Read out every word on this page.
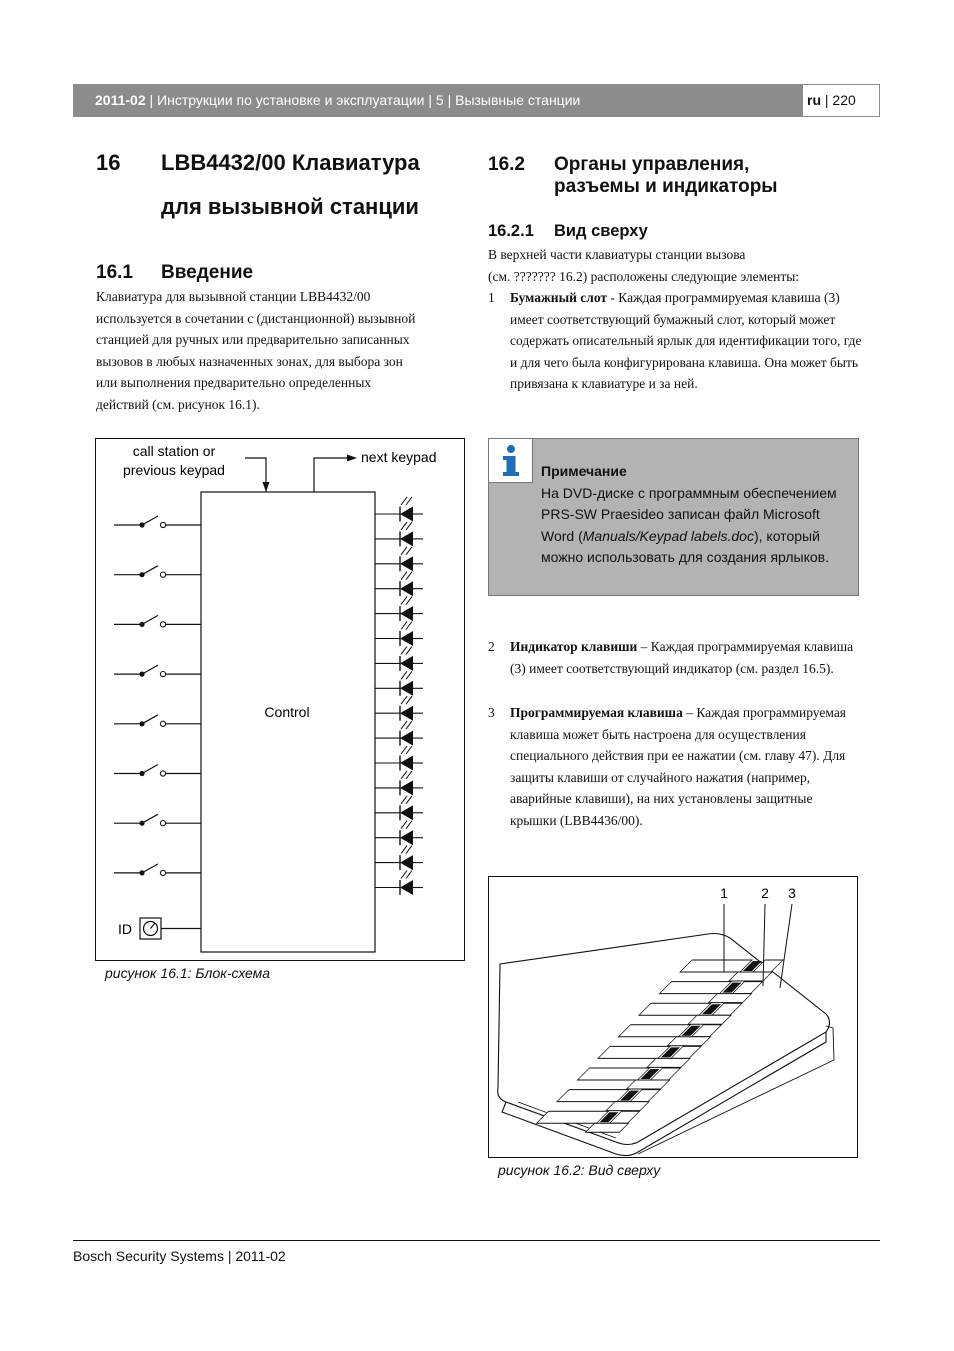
2011-02 | Инструкции по установке и эксплуатации | 5 | Вызывные станции	ru | 220
16 LBB4432/00 Клавиатура
для вызывной станции
16.1 Введение
Клавиатура для вызывной станции LBB4432/00
используется в сочетании с (дистанционной) вызывной
станцией для ручных или предварительно записанных
вызовов в любых назначенных зонах, для выбора зон
или выполнения предварительно определенных
действий (см. рисунок 16.1).
call station or
previous keypad
next keypad
Control
ID
рисунок 16.1: Блок-схема
16.2 Органы управления,
разъемы и индикаторы
16.2.1 Вид сверху
В верхней части клавиатуры станции вызова
(см. ??????? 16.2) расположены следующие элементы:
1 Бумажный слот - Каждая программируемая клавиша (3) имеет соответствующий бумажный слот, который может содержать описательный ярлык для идентификации того, где и для чего была конфигурирована клавиша. Она может быть привязана к клавиатуре и за ней.
Примечание
На DVD-диске с программным обеспечением PRS-SW Praesideo записан файл Microsoft Word (Manuals/Keypad labels.doc), который можно использовать для создания ярлыков.
2 Индикатор клавиши – Каждая программируемая клавиша (3) имеет соответствующий индикатор (см. раздел 16.5).
3 Программируемая клавиша – Каждая программируемая клавиша может быть настроена для осуществления специального действия при ее нажатии (см. главу 47). Для защиты клавиши от случайного нажатия (например, аварийные клавиши), на них установлены защитные крышки (LBB4436/00).
1 2 3
рисунок 16.2: Вид сверху
Bosch Security Systems | 2011-02
